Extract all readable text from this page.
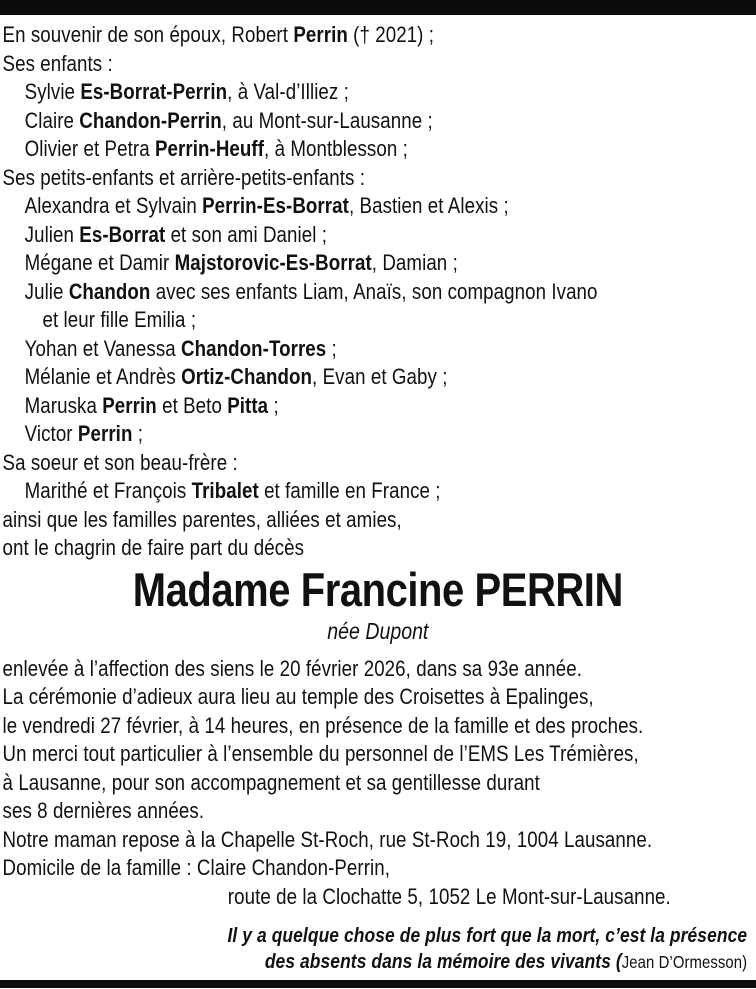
En souvenir de son époux, Robert Perrin († 2021) ;
Ses enfants :
Sylvie Es-Borrat-Perrin, à Val-d’Illiez ;
Claire Chandon-Perrin, au Mont-sur-Lausanne ;
Olivier et Petra Perrin-Heuff, à Montblesson ;
Ses petits-enfants et arrière-petits-enfants :
Alexandra et Sylvain Perrin-Es-Borrat, Bastien et Alexis ;
Julien Es-Borrat et son ami Daniel ;
Mégane et Damir Majstorovic-Es-Borrat, Damian ;
Julie Chandon avec ses enfants Liam, Anaïs, son compagnon Ivano
et leur fille Emilia ;
Yohan et Vanessa Chandon-Torres ;
Mélanie et Andrès Ortiz-Chandon, Evan et Gaby ;
Maruska Perrin et Beto Pitta ;
Victor Perrin ;
Sa soeur et son beau-frère :
Marithé et François Tribalet et famille en France ;
ainsi que les familles parentes, alliées et amies,
ont le chagrin de faire part du décès
Madame Francine PERRIN
née Dupont
enlevée à l’affection des siens le 20 février 2026, dans sa 93e année.
La cérémonie d’adieux aura lieu au temple des Croisettes à Epalinges,
le vendredi 27 février, à 14 heures, en présence de la famille et des proches.
Un merci tout particulier à l’ensemble du personnel de l’EMS Les Trémières,
à Lausanne, pour son accompagnement et sa gentillesse durant
ses 8 dernières années.
Notre maman repose à la Chapelle St-Roch, rue St-Roch 19, 1004 Lausanne.
Domicile de la famille : Claire Chandon-Perrin,
route de la Clochatte 5, 1052 Le Mont-sur-Lausanne.
Il y a quelque chose de plus fort que la mort, c’est la présence
des absents dans la mémoire des vivants (Jean D’Ormesson)
